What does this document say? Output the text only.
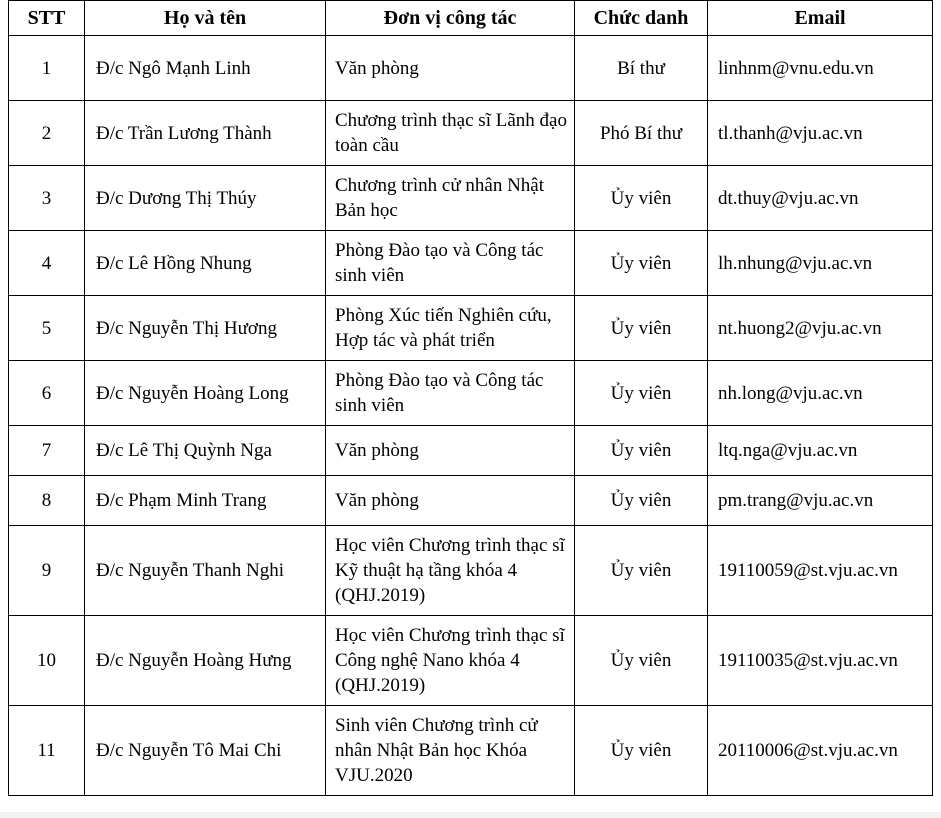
STT	Họ và tên	Đơn vị công tác	Chức danh	Email
1	Đ/c Ngô Mạnh Linh	Văn phòng	Bí thư	linhnm@vnu.edu.vn
2	Đ/c Trần Lương Thành	Chương trình thạc sĩ Lãnh đạo toàn cầu	Phó Bí thư	tl.thanh@vju.ac.vn
3	Đ/c Dương Thị Thúy	Chương trình cử nhân Nhật Bản học	Ủy viên	dt.thuy@vju.ac.vn
4	Đ/c Lê Hồng Nhung	Phòng Đào tạo và Công tác sinh viên	Ủy viên	lh.nhung@vju.ac.vn
5	Đ/c Nguyễn Thị Hương	Phòng Xúc tiến Nghiên cứu, Hợp tác và phát triển	Ủy viên	nt.huong2@vju.ac.vn
6	Đ/c Nguyễn Hoàng Long	Phòng Đào tạo và Công tác sinh viên	Ủy viên	nh.long@vju.ac.vn
7	Đ/c Lê Thị Quỳnh Nga	Văn phòng	Ủy viên	ltq.nga@vju.ac.vn
8	Đ/c Phạm Minh Trang	Văn phòng	Ủy viên	pm.trang@vju.ac.vn
9	Đ/c Nguyễn Thanh Nghi	Học viên Chương trình thạc sĩ Kỹ thuật hạ tầng khóa 4 (QHJ.2019)	Ủy viên	19110059@st.vju.ac.vn
10	Đ/c Nguyễn Hoàng Hưng	Học viên Chương trình thạc sĩ Công nghệ Nano khóa 4 (QHJ.2019)	Ủy viên	19110035@st.vju.ac.vn
11	Đ/c Nguyễn Tô Mai Chi	Sinh viên Chương trình cử nhân Nhật Bản học Khóa VJU.2020	Ủy viên	20110006@st.vju.ac.vn
